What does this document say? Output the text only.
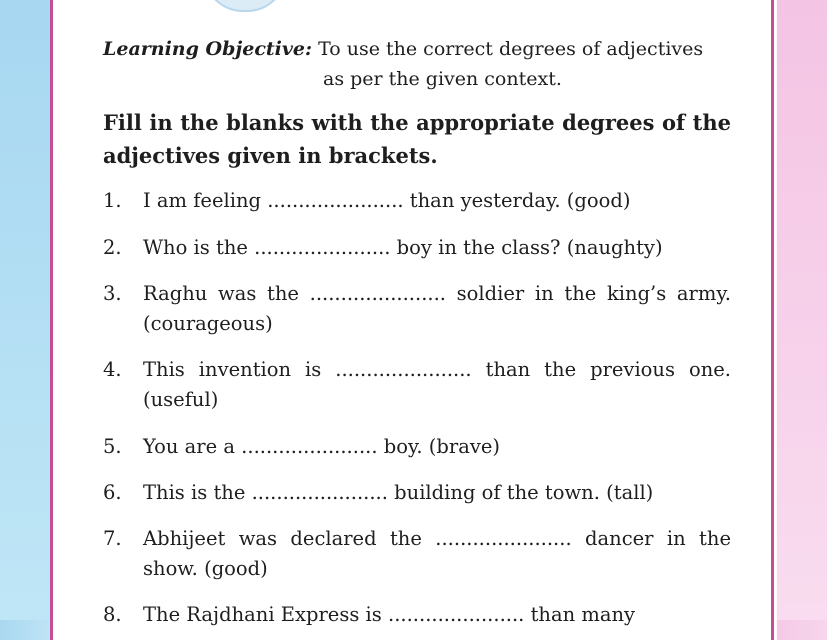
Learning Objective: To use the correct degrees of adjectives
as per the given context.
Fill in the blanks with the appropriate degrees of the adjectives given in brackets.
1.	I am feeling ...................... than yesterday. (good)
2.	Who is the ...................... boy in the class? (naughty)
3.	Raghu was the ...................... soldier in the king’s army. (courageous)
4.	This invention is ...................... than the previous one. (useful)
5.	You are a ...................... boy. (brave)
6.	This is the ...................... building of the town. (tall)
7.	Abhijeet was declared the ...................... dancer in the show. (good)
8.	The Rajdhani Express is ...................... than many
